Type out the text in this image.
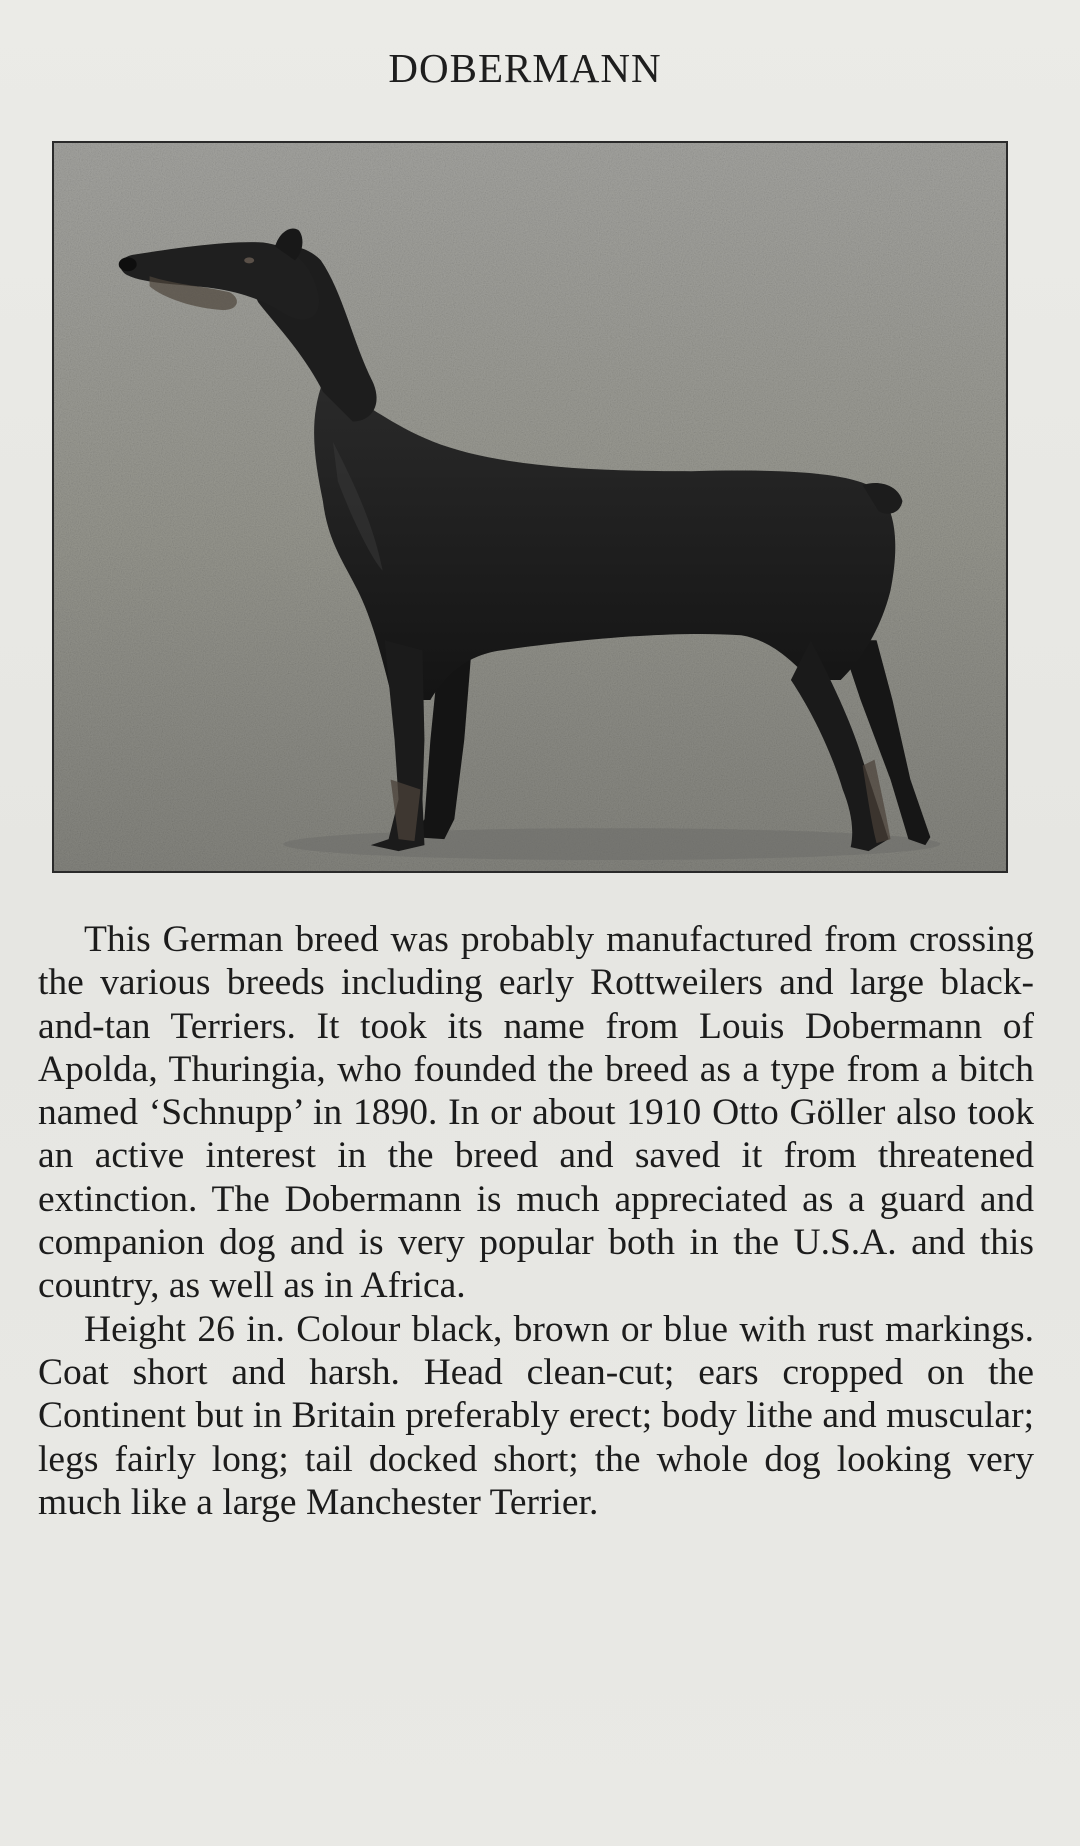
DOBERMANN

This German breed was probably manufactured from crossing the various breeds including early Rottweilers and large black-and-tan Terriers. It took its name from Louis Dobermann of Apolda, Thuringia, who founded the breed as a type from a bitch named ‘Schnupp’ in 1890. In or about 1910 Otto Göller also took an active interest in the breed and saved it from threatened extinction. The Dobermann is much appreciated as a guard and companion dog and is very popular both in the U.S.A. and this country, as well as in Africa.

Height 26 in. Colour black, brown or blue with rust markings. Coat short and harsh. Head clean-cut; ears cropped on the Continent but in Britain preferably erect; body lithe and muscular; legs fairly long; tail docked short; the whole dog looking very much like a large Manchester Terrier.
